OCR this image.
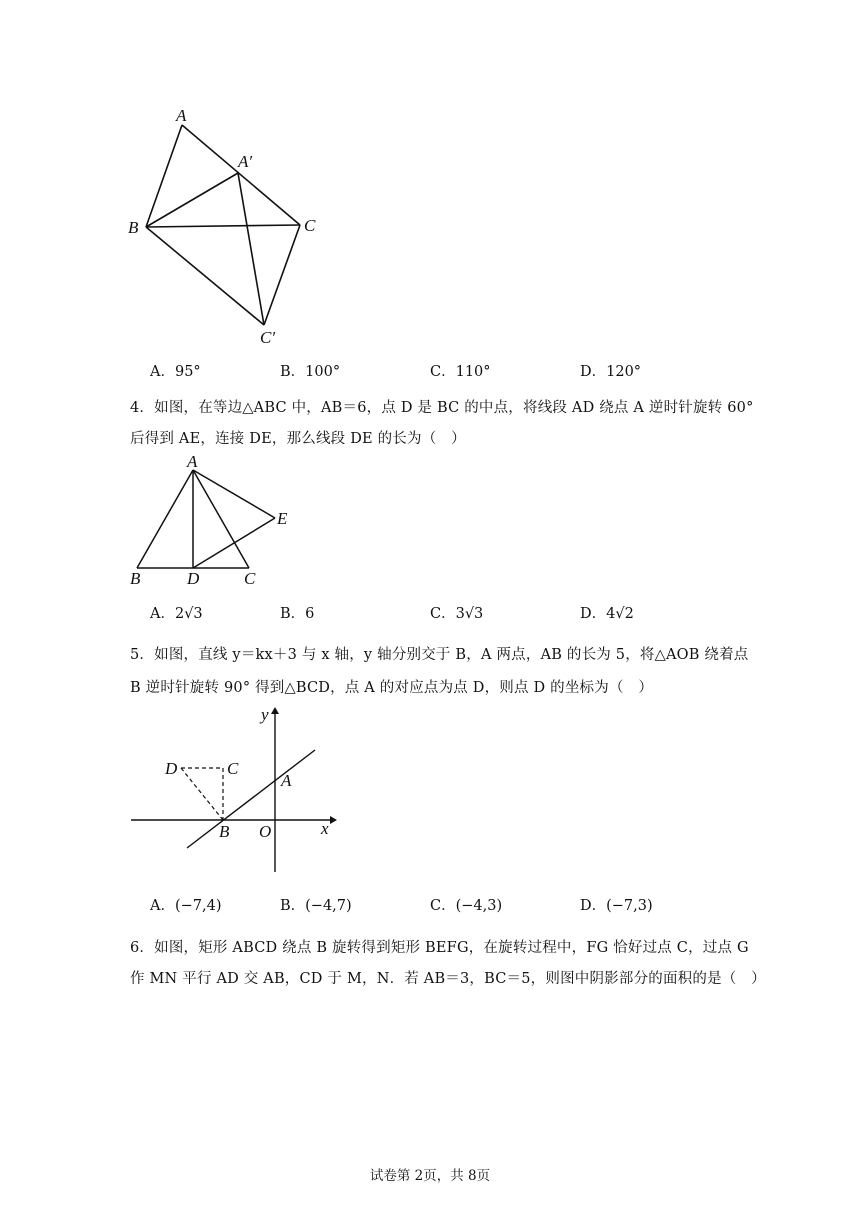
A
A′
B	C
C′
A．95°	B．100°	C．110°	D．120°
4．如图，在等边△ABC 中，AB＝6，点 D 是 BC 的中点，将线段 AD 绕点 A 逆时针旋转 60°
后得到 AE，连接 DE，那么线段 DE 的长为（　）
A
B	D	C
E
A．2√3	B．6	C．3√3	D．4√2
5．如图，直线 y＝kx＋3 与 x 轴，y 轴分别交于 B，A 两点，AB 的长为 5，将△AOB 绕着点
B 逆时针旋转 90° 得到△BCD，点 A 的对应点为点 D，则点 D 的坐标为（　）
y
x
A
B O
D	C
A．(−7,4)	B．(−4,7)	C．(−4,3)	D．(−7,3)
6．如图，矩形 ABCD 绕点 B 旋转得到矩形 BEFG，在旋转过程中，FG 恰好过点 C，过点 G
作 MN 平行 AD 交 AB，CD 于 M，N．若 AB＝3，BC＝5，则图中阴影部分的面积的是（　）
试卷第 2页，共 8页
